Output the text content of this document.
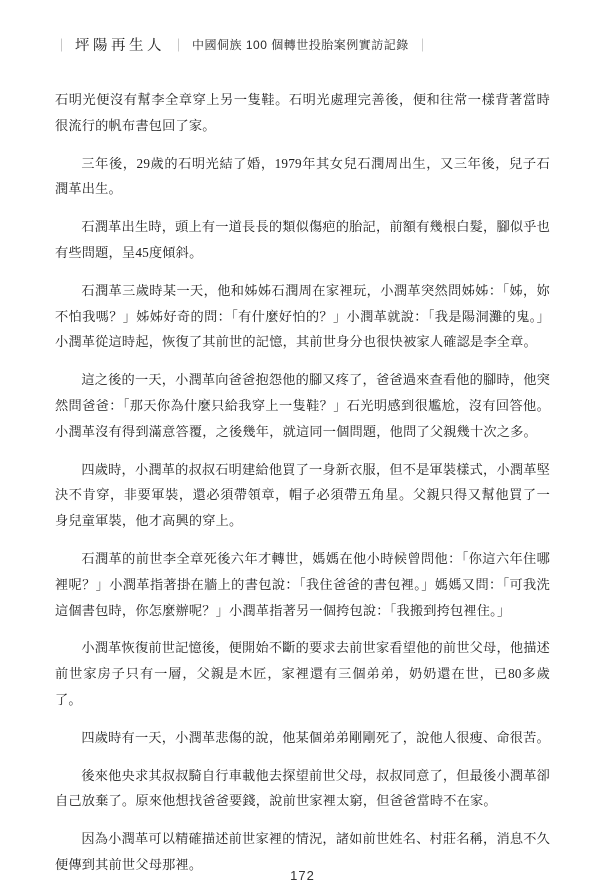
｜ 坪陽再生人 ｜ 中國侗族 100 個轉世投胎案例實訪記錄 ｜

石明光便沒有幫李全章穿上另一隻鞋。石明光處理完善後，便和往常一樣背著當時很流行的帆布書包回了家。

三年後，29歲的石明光結了婚，1979年其女兒石潤周出生，又三年後，兒子石潤革出生。

石潤革出生時，頭上有一道長長的類似傷疤的胎記，前額有幾根白髮，腳似乎也有些問題，呈45度傾斜。

石潤革三歲時某一天，他和姊姊石潤周在家裡玩，小潤革突然問姊姊：「姊，妳不怕我嗎？」姊姊好奇的問：「有什麼好怕的？」小潤革就說：「我是陽洞灘的鬼。」小潤革從這時起，恢復了其前世的記憶，其前世身分也很快被家人確認是李全章。

這之後的一天，小潤革向爸爸抱怨他的腳又疼了，爸爸過來查看他的腳時，他突然問爸爸：「那天你為什麼只給我穿上一隻鞋？」石光明感到很尷尬，沒有回答他。小潤革沒有得到滿意答覆，之後幾年，就這同一個問題，他問了父親幾十次之多。

四歲時，小潤革的叔叔石明建給他買了一身新衣服，但不是軍裝樣式，小潤革堅決不肯穿，非要軍裝，還必須帶領章，帽子必須帶五角星。父親只得又幫他買了一身兒童軍裝，他才高興的穿上。

石潤革的前世李全章死後六年才轉世，媽媽在他小時候曾問他：「你這六年住哪裡呢？」小潤革指著掛在牆上的書包說：「我住爸爸的書包裡。」媽媽又問：「可我洗這個書包時，你怎麼辦呢？」小潤革指著另一個挎包說：「我搬到挎包裡住。」

小潤革恢復前世記憶後，便開始不斷的要求去前世家看望他的前世父母，他描述前世家房子只有一層，父親是木匠，家裡還有三個弟弟，奶奶還在世，已80多歲了。

四歲時有一天，小潤革悲傷的說，他某個弟弟剛剛死了，說他人很瘦、命很苦。

後來他央求其叔叔騎自行車載他去探望前世父母，叔叔同意了，但最後小潤革卻自己放棄了。原來他想找爸爸要錢，說前世家裡太窮，但爸爸當時不在家。

因為小潤革可以精確描述前世家裡的情況，諸如前世姓名、村莊名稱，消息不久便傳到其前世父母那裡。

172
